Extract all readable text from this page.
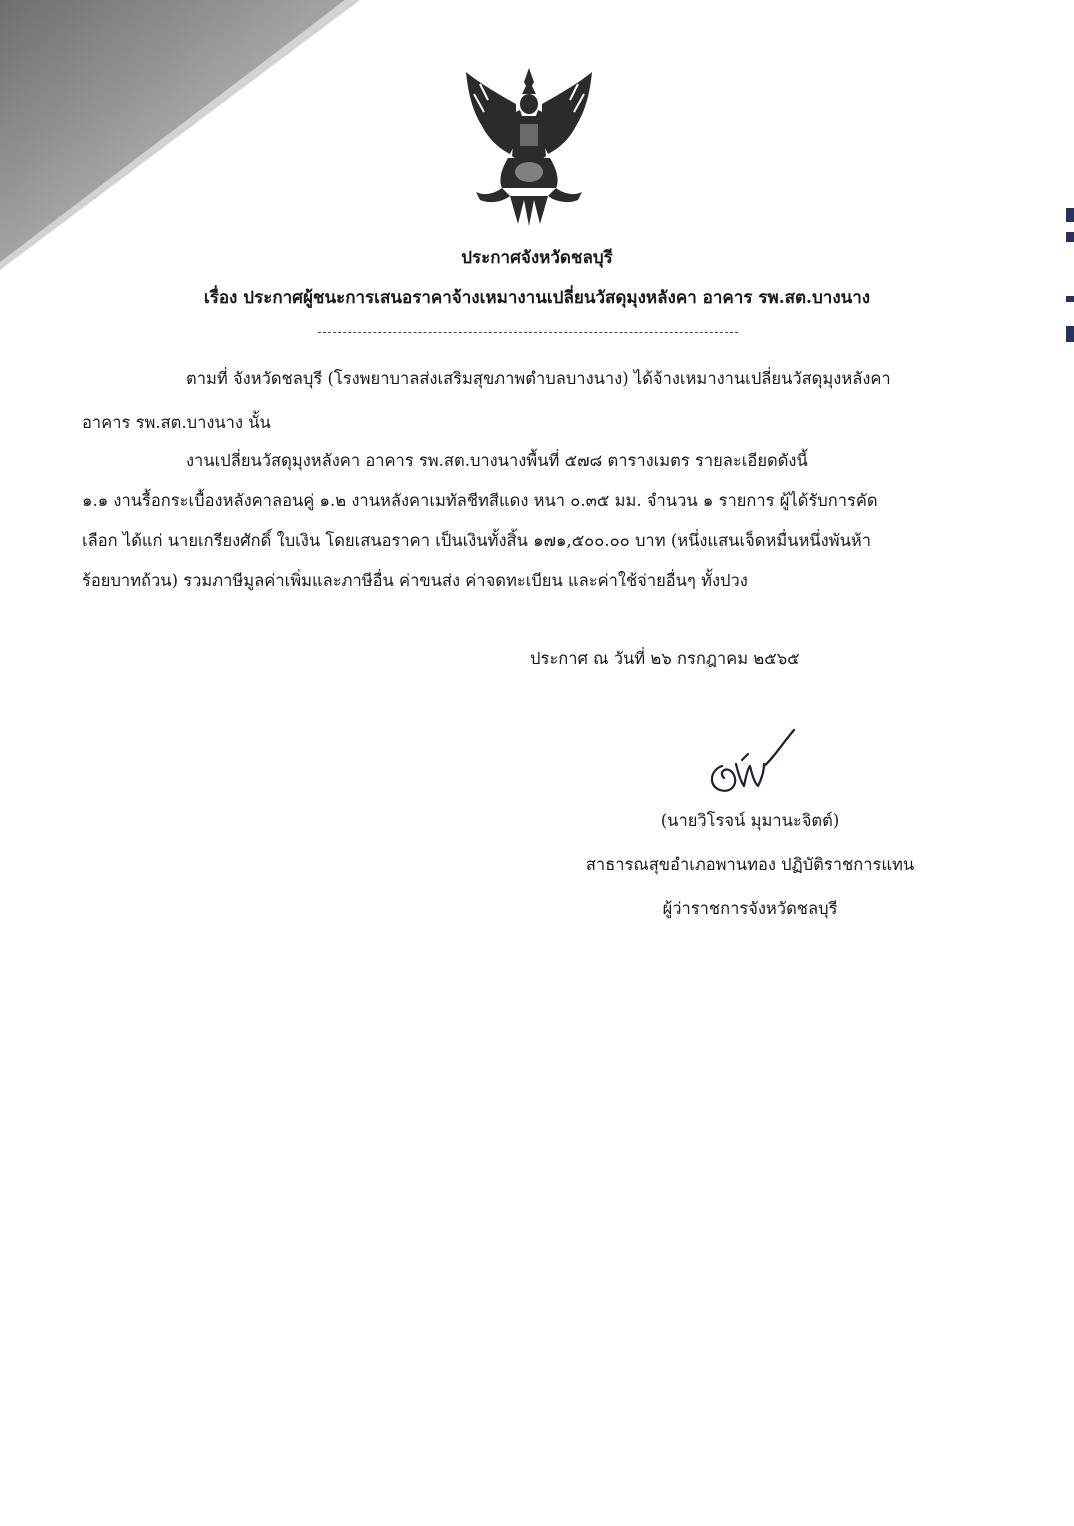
ประกาศจังหวัดชลบุรี
เรื่อง ประกาศผู้ชนะการเสนอราคาจ้างเหมางานเปลี่ยนวัสดุมุงหลังคา อาคาร รพ.สต.บางนาง
ตามที่ จังหวัดชลบุรี (โรงพยาบาลส่งเสริมสุขภาพตำบลบางนาง) ได้จ้างเหมางานเปลี่ยนวัสดุมุงหลังคา
อาคาร รพ.สต.บางนาง นั้น
งานเปลี่ยนวัสดุมุงหลังคา อาคาร รพ.สต.บางนางพื้นที่ ๕๗๘ ตารางเมตร รายละเอียดดังนี้
๑.๑ งานรื้อกระเบื้องหลังคาลอนคู่ ๑.๒ งานหลังคาเมทัลชีทสีแดง หนา ๐.๓๕ มม. จำนวน ๑ รายการ ผู้ได้รับการคัด
เลือก ได้แก่ นายเกรียงศักดิ์ ใบเงิน โดยเสนอราคา เป็นเงินทั้งสิ้น ๑๗๑,๕๐๐.๐๐ บาท (หนึ่งแสนเจ็ดหมื่นหนึ่งพันห้า
ร้อยบาทถ้วน) รวมภาษีมูลค่าเพิ่มและภาษีอื่น ค่าขนส่ง ค่าจดทะเบียน และค่าใช้จ่ายอื่นๆ ทั้งปวง
ประกาศ ณ วันที่ ๒๖ กรกฎาคม ๒๕๖๕
(นายวิโรจน์ มุมานะจิตต์)
สาธารณสุขอำเภอพานทอง ปฏิบัติราชการแทน
ผู้ว่าราชการจังหวัดชลบุรี
